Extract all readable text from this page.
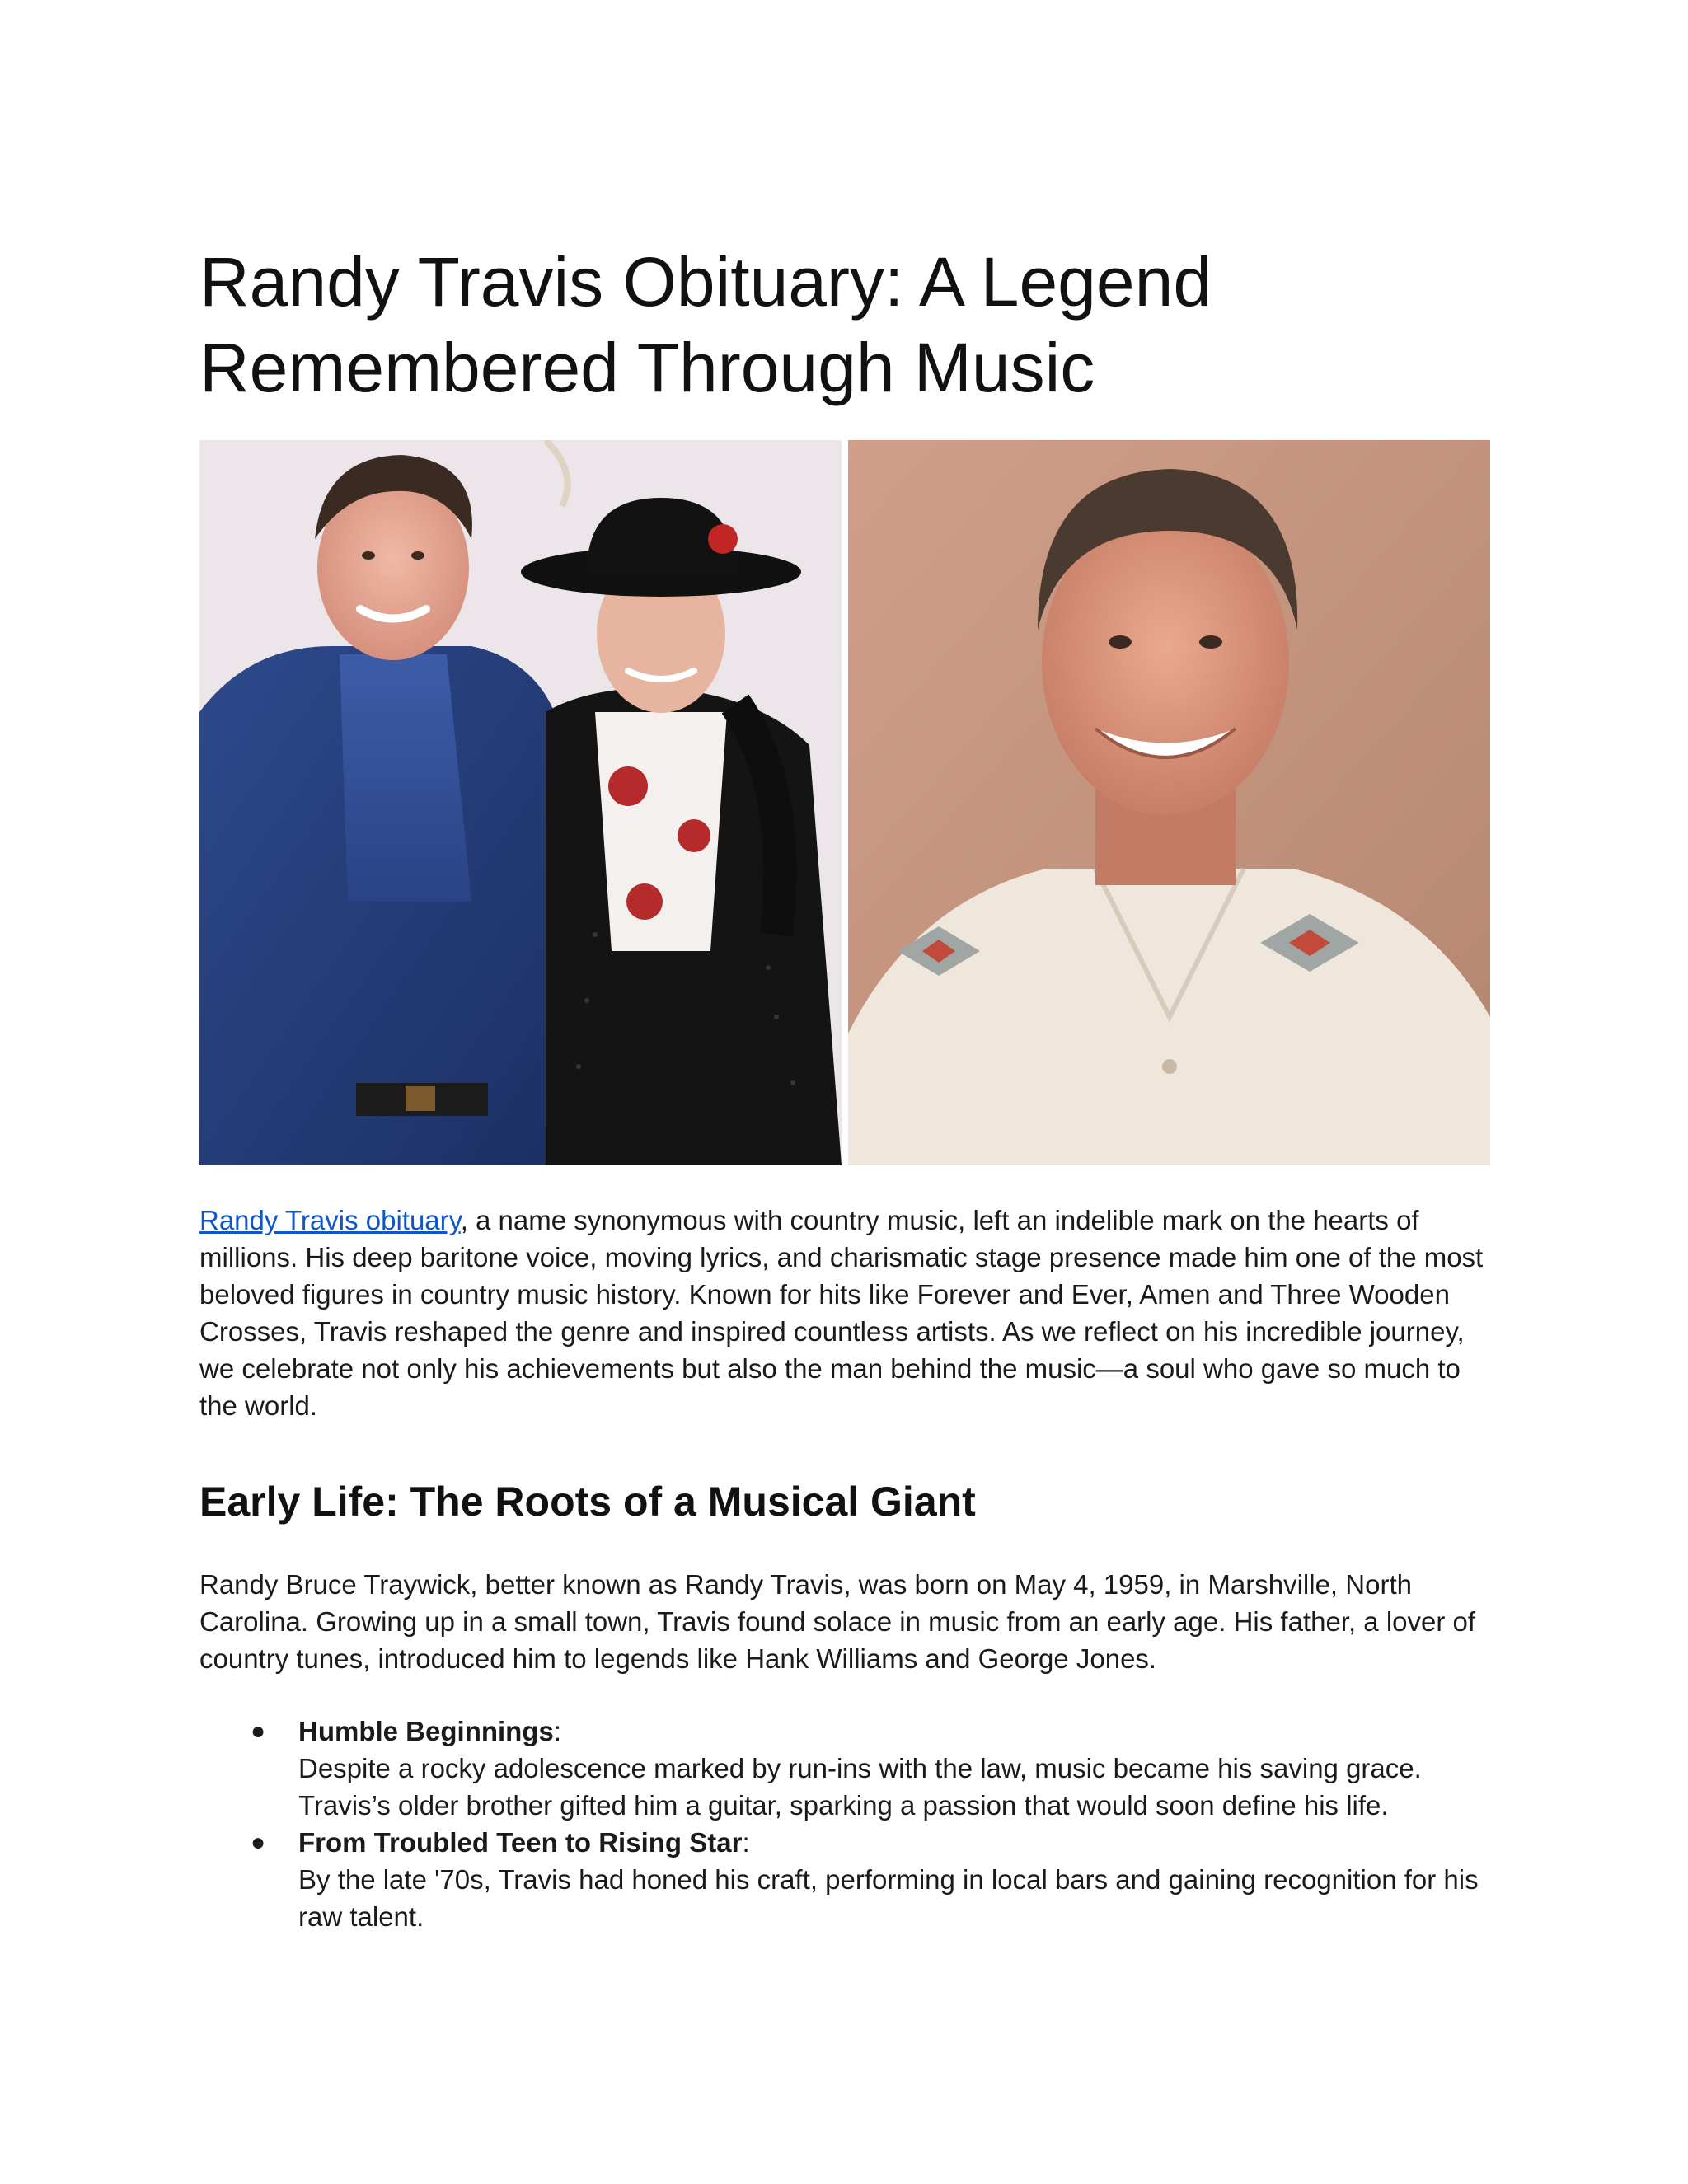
Randy Travis Obituary: A Legend Remembered Through Music

Randy Travis obituary, a name synonymous with country music, left an indelible mark on the hearts of millions. His deep baritone voice, moving lyrics, and charismatic stage presence made him one of the most beloved figures in country music history. Known for hits like Forever and Ever, Amen and Three Wooden Crosses, Travis reshaped the genre and inspired countless artists. As we reflect on his incredible journey, we celebrate not only his achievements but also the man behind the music—a soul who gave so much to the world.

Early Life: The Roots of a Musical Giant

Randy Bruce Traywick, better known as Randy Travis, was born on May 4, 1959, in Marshville, North Carolina. Growing up in a small town, Travis found solace in music from an early age. His father, a lover of country tunes, introduced him to legends like Hank Williams and George Jones.

● Humble Beginnings:
Despite a rocky adolescence marked by run-ins with the law, music became his saving grace. Travis’s older brother gifted him a guitar, sparking a passion that would soon define his life.
● From Troubled Teen to Rising Star:
By the late '70s, Travis had honed his craft, performing in local bars and gaining recognition for his raw talent.
